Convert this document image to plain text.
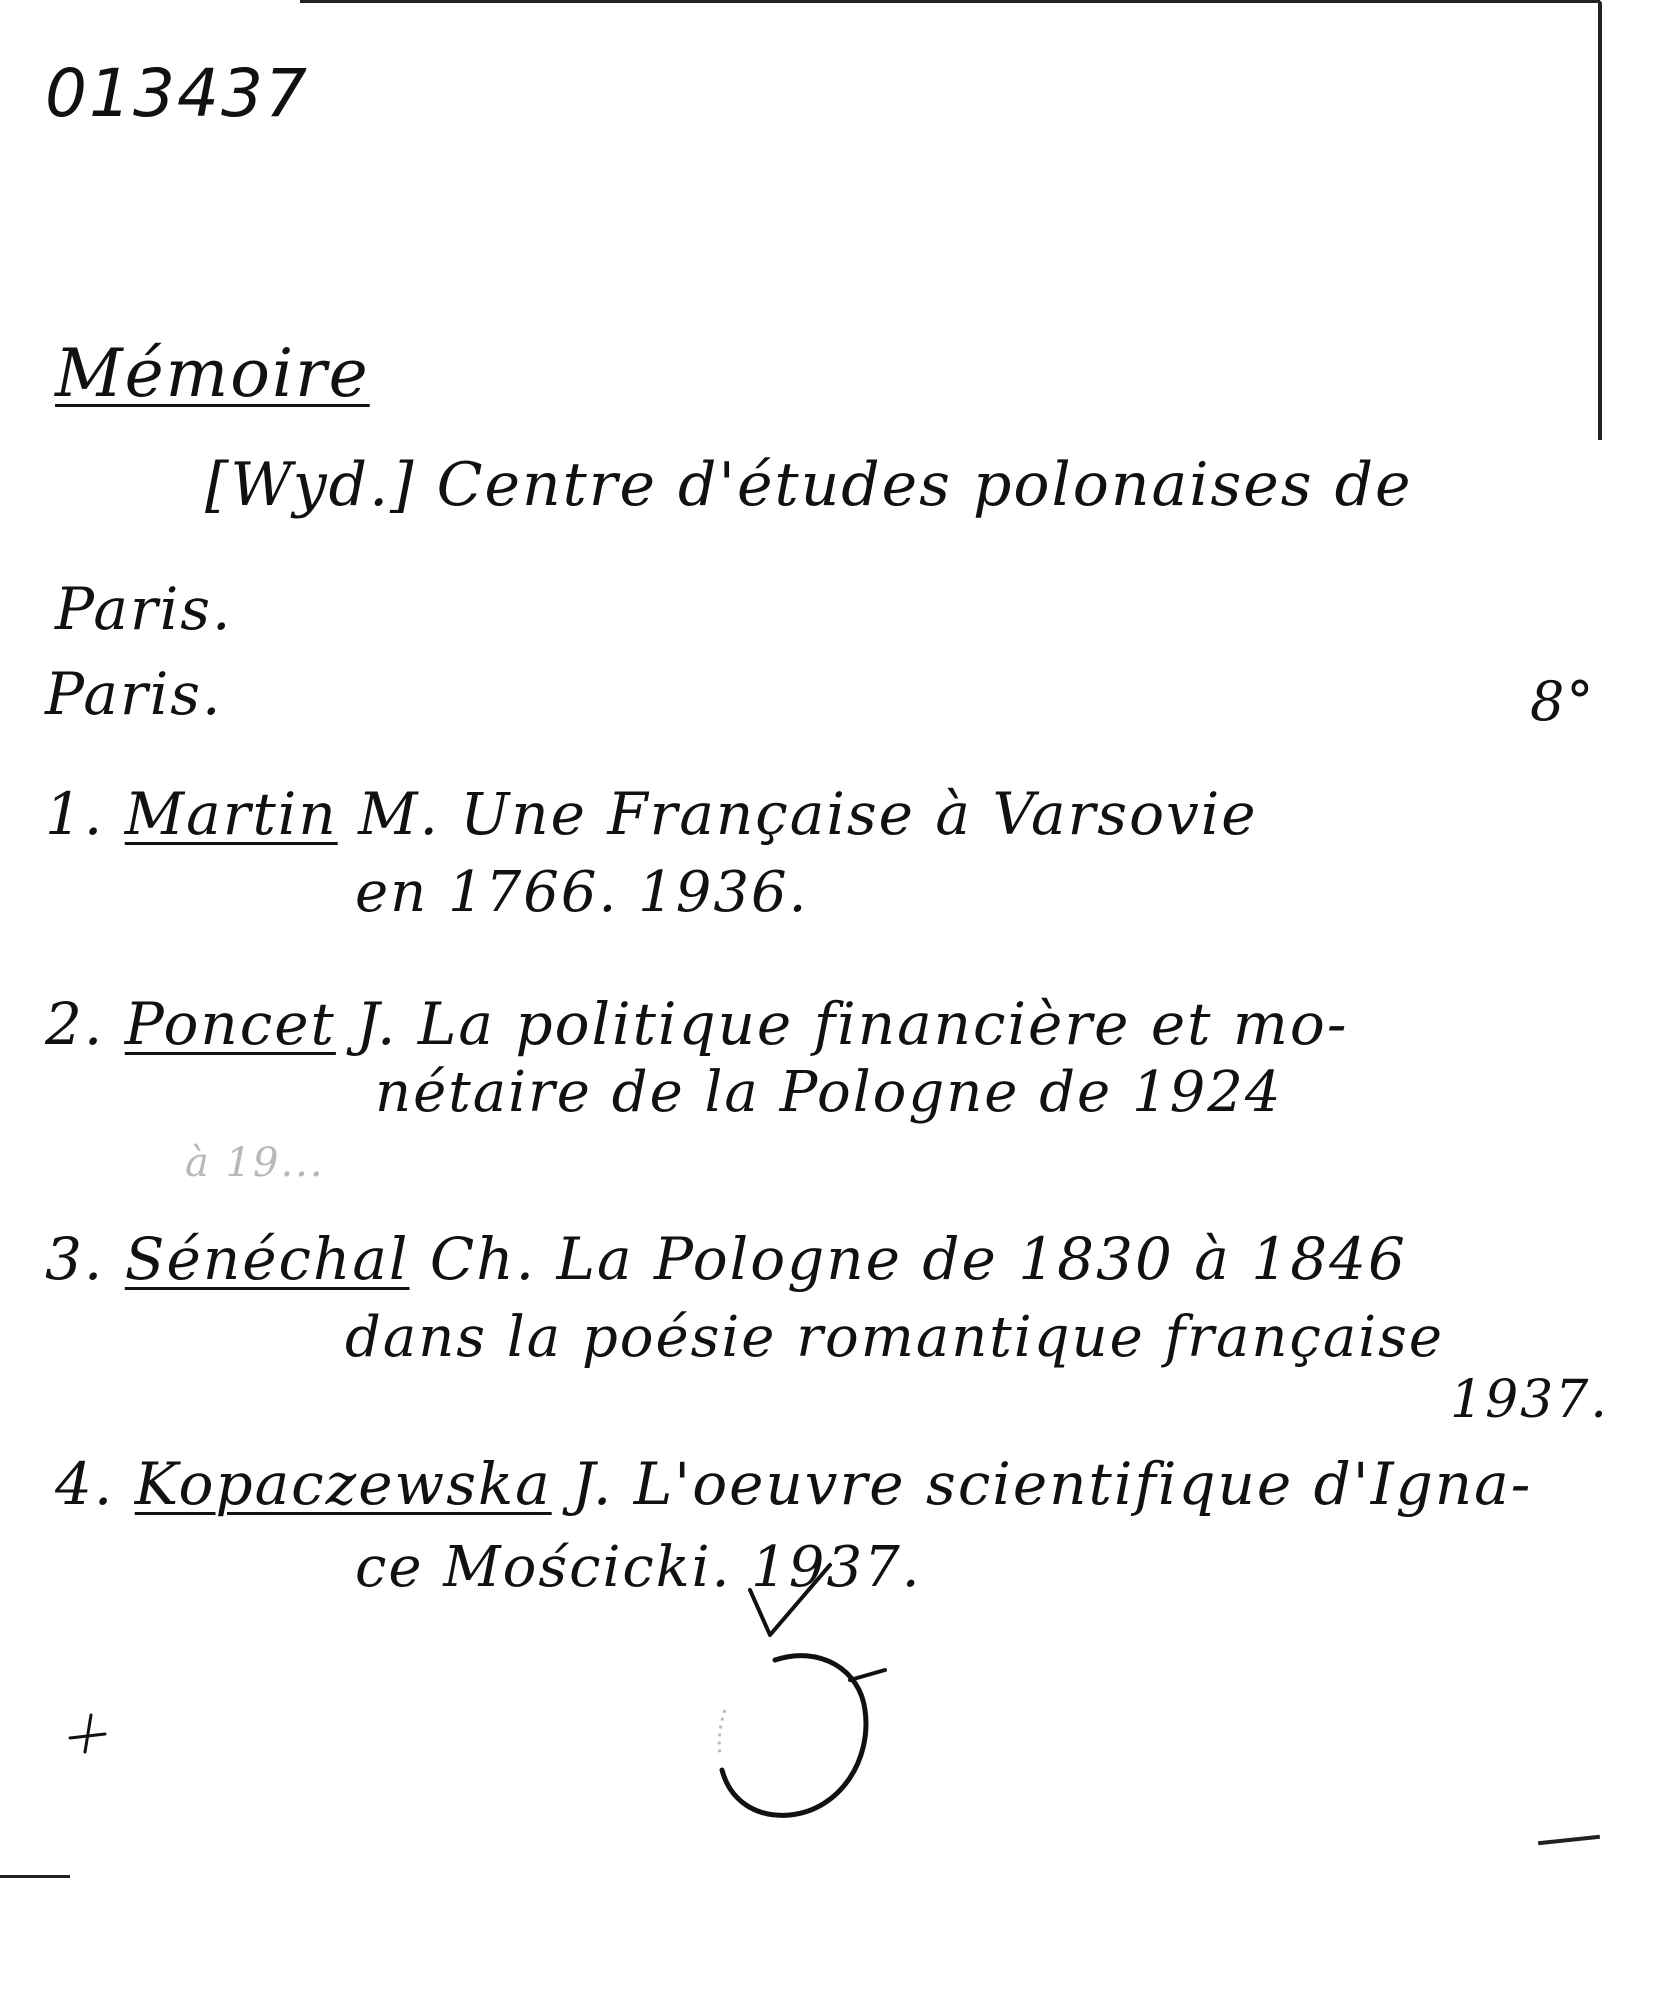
013437
Mémoire
[Wyd.] Centre d'études polonaises de
Paris.
Paris.	8°
1. Martin M. Une Française à Varsovie
en 1766. 1936.
2. Poncet J. La politique financière et mo-
nétaire de la Pologne de 1924
à 19...
3. Sénéchal Ch. La Pologne de 1830 à 1846
dans la poésie romantique française
1937.
4. Kopaczewska J. L'oeuvre scientifique d'Igna-
ce Mościcki. 1937.
